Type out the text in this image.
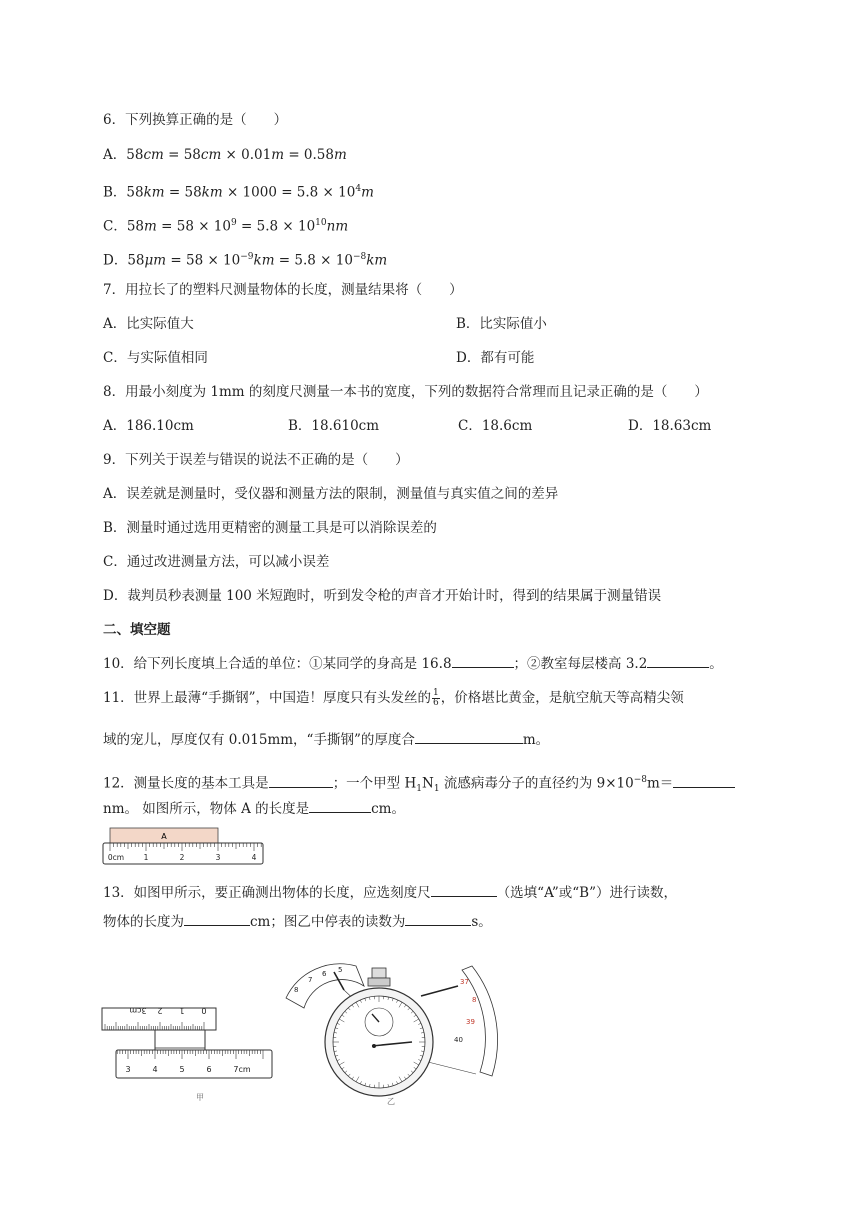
6．下列换算正确的是（　　）
A．58cm = 58cm × 0.01m = 0.58m
B．$58km = 58km \times 1000 = 5.8 \times 10^4m$
C．$58m = 58 \times 10^9 = 5.8 \times 10^{10}nm$
D．$58\mu m = 58 \times 10^{-9}km = 5.8 \times 10^{-8}km$
7．用拉长了的塑料尺测量物体的长度，测量结果将（　　）
A．比实际值大	B．比实际值小
C．与实际值相同	D．都有可能
8．用最小刻度为 1mm 的刻度尺测量一本书的宽度，下列的数据符合常理而且记录正确的是（　　）
A．186.10cm	B．18.610cm	C．18.6cm	D．18.63cm
9．下列关于误差与错误的说法不正确的是（　　）
A．误差就是测量时，受仪器和测量方法的限制，测量值与真实值之间的差异
B．测量时通过选用更精密的测量工具是可以消除误差的
C．通过改进测量方法，可以减小误差
D．裁判员秒表测量 100 米短跑时，听到发令枪的声音才开始计时，得到的结果属于测量错误
二、填空题
10．给下列长度填上合适的单位：①某同学的身高是 16.8	；②教室每层楼高 3.2	。
11．世界上最薄“手撕钢”，中国造！厚度只有头发丝的 $\frac{1}{6}$ ，价格堪比黄金，是航空航天等高精尖领
域的宠儿，厚度仅有 0.015mm，“手撕钢”的厚度合	m。
12．测量长度的基本工具是	；一个甲型 $H_1N_1$ 流感病毒分子的直径约为 $9\times 10^{-8}m=$
nm。 如图所示，物体 A 的长度是	cm。
A
0cm	1	2	3	4
13．如图甲所示，要正确测出物体的长度，应选刻度尺	（选填“A”或“B”）进行读数，
物体的长度为	cm；图乙中停表的读数为	s。
0
1
2
3cm
3	4	5	6	7cm
甲
8
7
6 5
37
8
39
40
乙
